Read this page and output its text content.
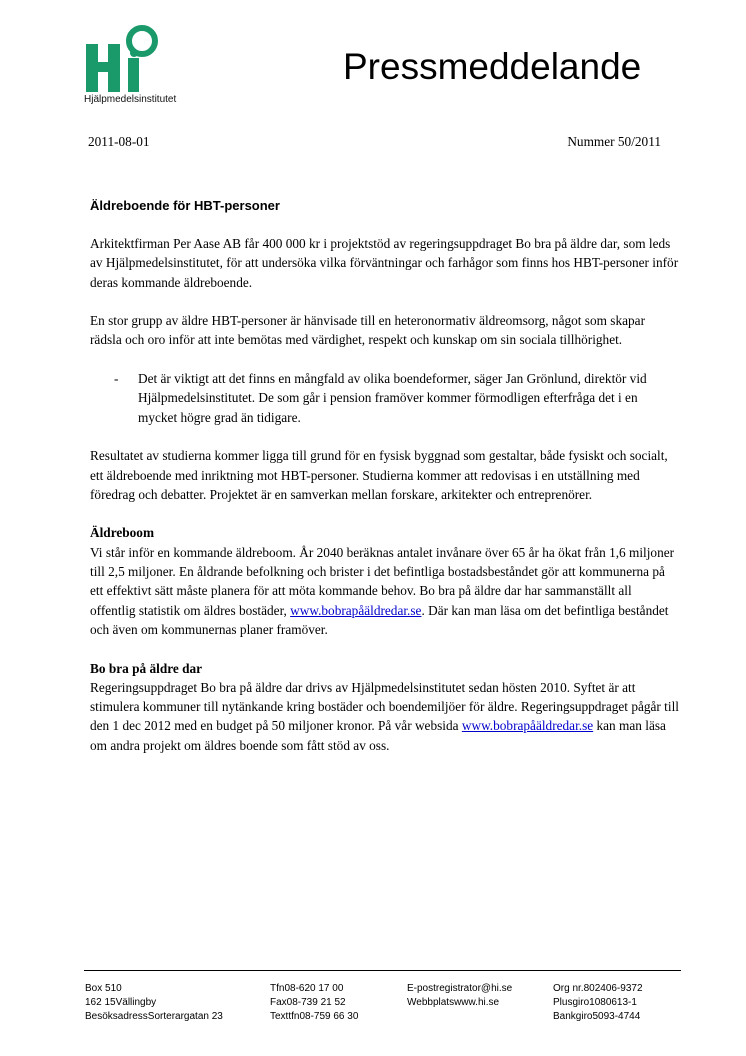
HI
Hjälpmedelsinstitutet
Pressmeddelande
2011-08-01	Nummer 50/2011
Äldreboende för HBT-personer

Arkitektfirman Per Aase AB får 400 000 kr i projektstöd av regeringsuppdraget Bo bra på äldre dar, som leds av Hjälpmedelsinstitutet, för att undersöka vilka förväntningar och farhågor som finns hos HBT-personer inför deras kommande äldreboende.

En stor grupp av äldre HBT-personer är hänvisade till en heteronormativ äldreomsorg, något som skapar rädsla och oro inför att inte bemötas med värdighet, respekt och kunskap om sin sociala tillhörighet.

-	Det är viktigt att det finns en mångfald av olika boendeformer, säger Jan Grönlund, direktör vid Hjälpmedelsinstitutet. De som går i pension framöver kommer förmodligen efterfråga det i en mycket högre grad än tidigare.

Resultatet av studierna kommer ligga till grund för en fysisk byggnad som gestaltar, både fysiskt och socialt, ett äldreboende med inriktning mot HBT-personer. Studierna kommer att redovisas i en utställning med föredrag och debatter. Projektet är en samverkan mellan forskare, arkitekter och entreprenörer.

Äldreboom
Vi står inför en kommande äldreboom. År 2040 beräknas antalet invånare över 65 år ha ökat från 1,6 miljoner till 2,5 miljoner. En åldrande befolkning och brister i det befintliga bostadsbeståndet gör att kommunerna på ett effektivt sätt måste planera för att möta kommande behov. Bo bra på äldre dar har sammanställt all offentlig statistik om äldres bostäder, www.bobrapåäldredar.se. Där kan man läsa om det befintliga beståndet och även om kommunernas planer framöver.

Bo bra på äldre dar
Regeringsuppdraget Bo bra på äldre dar drivs av Hjälpmedelsinstitutet sedan hösten 2010. Syftet är att stimulera kommuner till nytänkande kring bostäder och boendemiljöer för äldre. Regeringsuppdraget pågår till den 1 dec 2012 med en budget på 50 miljoner kronor. På vår websida www.bobrapåäldredar.se kan man läsa om andra projekt om äldres boende som fått stöd av oss.

Box 510
162 15Vällingby
BesöksadressSorterargatan 23
Tfn08-620 17 00
Fax08-739 21 52
Texttfn08-759 66 30
E-postregistrator@hi.se
Webbplatswww.hi.se
Org nr.802406-9372
Plusgiro1080613-1
Bankgiro5093-4744
